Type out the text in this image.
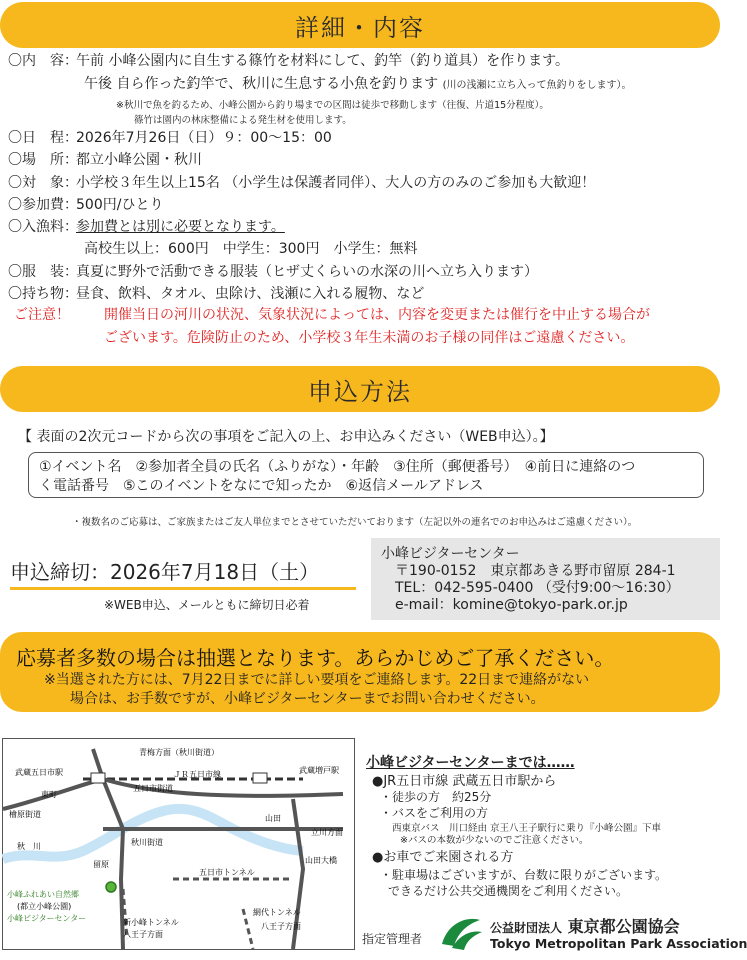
詳細・内容
〇内　容：午前 小峰公園内に自生する篠竹を材料にして、釣竿（釣り道具）を作ります。
午後 自ら作った釣竿で、秋川に生息する小魚を釣ります (川の浅瀬に立ち入って魚釣りをします）。
※秋川で魚を釣るため、小峰公園から釣り場までの区間は徒歩で移動します（往復、片道15分程度）。
篠竹は園内の林床整備による発生材を使用します。
〇日　程：2026年7月26日（日）９：00～15：00
〇場　所：都立小峰公園・秋川
〇対　象：小学校３年生以上15名 （小学生は保護者同伴）、大人の方のみのご参加も大歓迎！
〇参加費：500円/ひとり
〇入漁料：参加費とは別に必要となります。
高校生以上：600円　中学生：300円　小学生：無料
〇服　装：真夏に野外で活動できる服装（ヒザ丈くらいの水深の川へ立ち入ります）
〇持ち物：昼食、飲料、タオル、虫除け、浅瀬に入れる履物、など
ご注意！ 開催当日の河川の状況、気象状況によっては、内容を変更または催行を中止する場合が
ございます。危険防止のため、小学校３年生未満のお子様の同伴はご遠慮ください。
申込方法
【 表面の2次元コードから次の事項をご記入の上、お申込みください（WEB申込）。】
①イベント名　②参加者全員の氏名（ふりがな）・年齢　③住所（郵便番号）　④前日に連絡のつ
く電話番号　⑤このイベントをなにで知ったか　⑥返信メールアドレス
・複数名のご応募は、ご家族またはご友人単位までとさせていただいております（左記以外の連名でのお申込みはご遠慮ください）。
申込締切：2026年7月18日（土）
※WEB申込、メールともに締切日必着
小峰ビジターセンター
〒190-0152　東京都あきる野市留原 284-1
TEL：042-595-0400 （受付9:00～16:30）
e-mail：komine@tokyo-park.or.jp
応募者多数の場合は抽選となります。あらかじめご了承ください。
※当選された方には、7月22日までに詳しい要項をご連絡します。22日まで連絡がない
場合は、お手数ですが、小峰ビジターセンターまでお問い合わせください。
青梅方面（秋川街道）
武蔵五日市駅	ＪＲ五日市線	武蔵増戸駅
東町
五日市街道
檜原街道
秋　川	秋川街道
山田
立川方面
山田大橋
留原
五日市トンネル
小峰ふれあい自然郷
(都立小峰公園)
小峰ビジターセンター	新小峰トンネル
八王子方面
網代トンネル
八王子方面
小峰ビジターセンターまでは……
●JR五日市線 武蔵五日市駅から
・徒歩の方　約25分
・バスをご利用の方
西東京バス　川口経由 京王八王子駅行に乗り『小峰公園』下車
※バスの本数が少ないのでご注意ください。
●お車でご来園される方
・駐車場はございますが、台数に限りがございます。
できるだけ公共交通機関をご利用ください。
指定管理者
公益財団法人 東京都公園協会
Tokyo Metropolitan Park Association
